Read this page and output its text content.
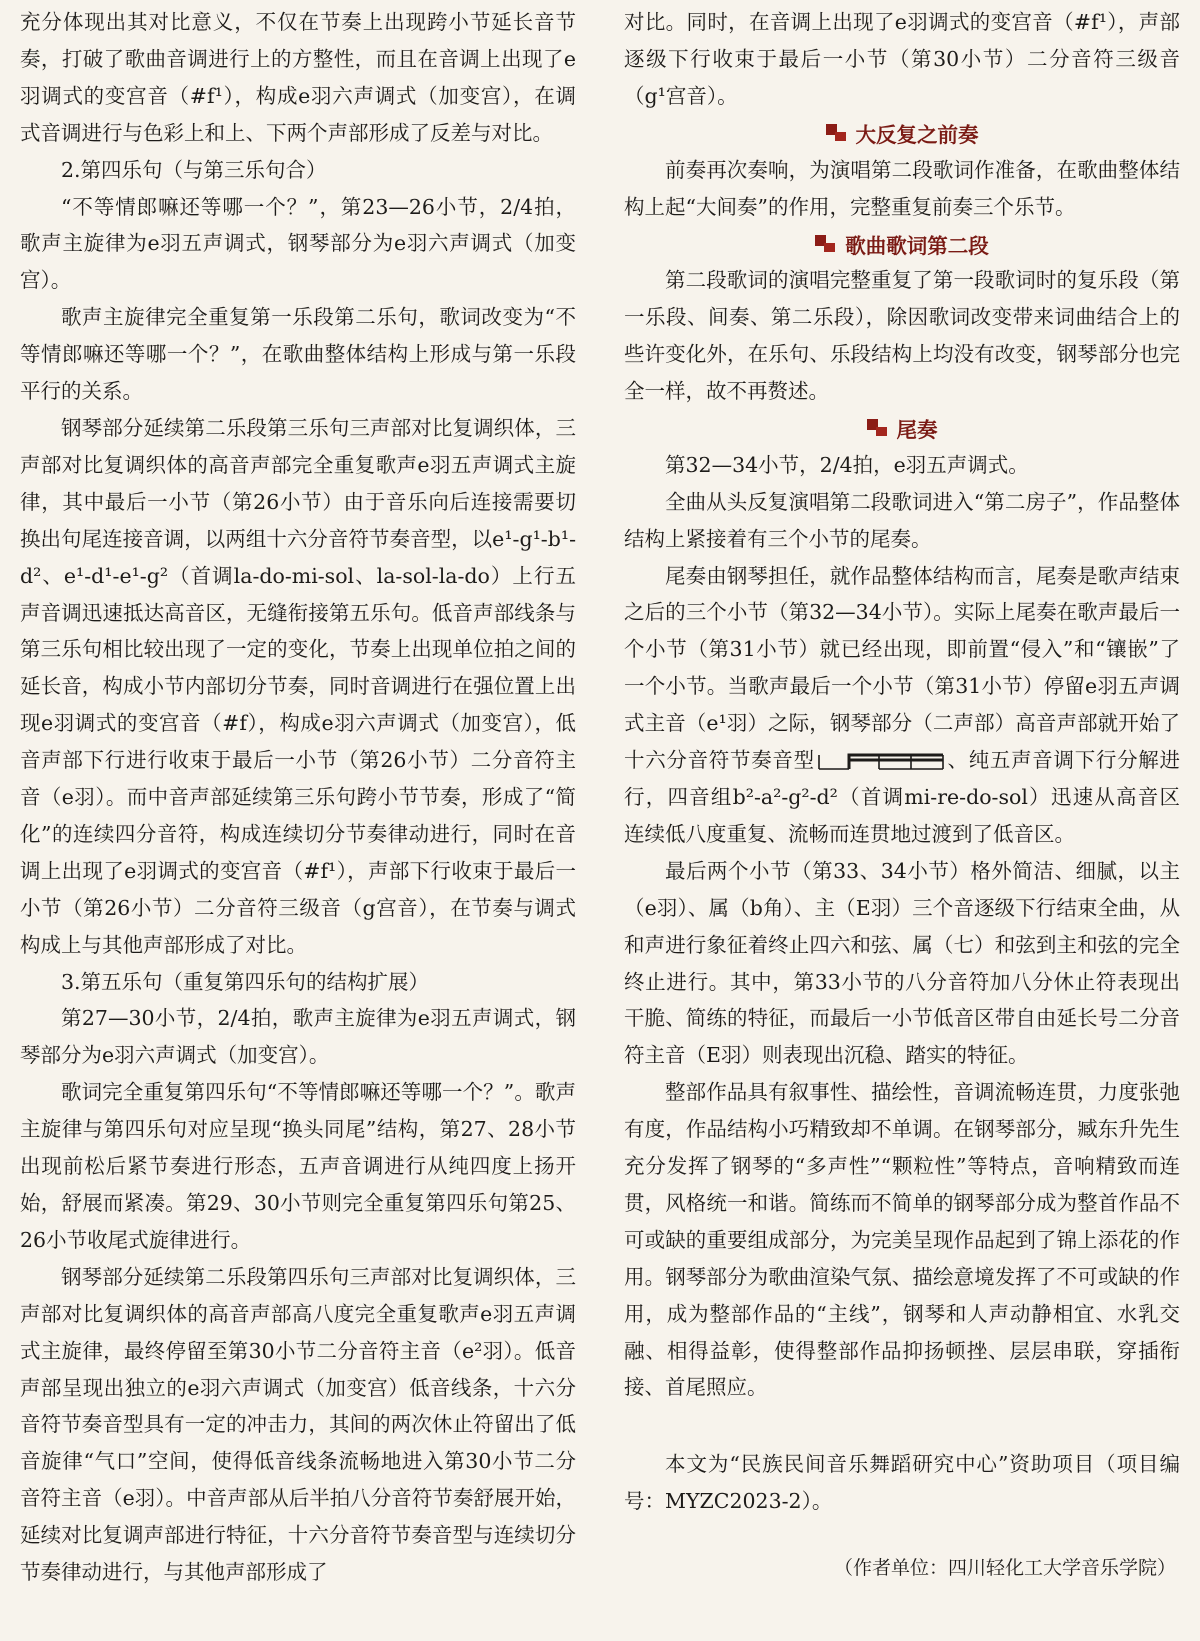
充分体现出其对比意义，不仅在节奏上出现跨小节延长音节奏，打破了歌曲音调进行上的方整性，而且在音调上出现了e羽调式的变宫音（#f¹），构成e羽六声调式（加变宫），在调式音调进行与色彩上和上、下两个声部形成了反差与对比。

2.第四乐句（与第三乐句合）

“不等情郎嘛还等哪一个？”，第23—26小节，2/4拍，歌声主旋律为e羽五声调式，钢琴部分为e羽六声调式（加变宫）。

歌声主旋律完全重复第一乐段第二乐句，歌词改变为“不等情郎嘛还等哪一个？”，在歌曲整体结构上形成与第一乐段平行的关系。

钢琴部分延续第二乐段第三乐句三声部对比复调织体，三声部对比复调织体的高音声部完全重复歌声e羽五声调式主旋律，其中最后一小节（第26小节）由于音乐向后连接需要切换出句尾连接音调，以两组十六分音符节奏音型，以e¹-g¹-b¹-d²、e¹-d¹-e¹-g²（首调la-do-mi-sol、la-sol-la-do）上行五声音调迅速抵达高音区，无缝衔接第五乐句。低音声部线条与第三乐句相比较出现了一定的变化，节奏上出现单位拍之间的延长音，构成小节内部切分节奏，同时音调进行在强位置上出现e羽调式的变宫音（#f），构成e羽六声调式（加变宫），低音声部下行进行收束于最后一小节（第26小节）二分音符主音（e羽）。而中音声部延续第三乐句跨小节节奏，形成了“简化”的连续四分音符，构成连续切分节奏律动进行，同时在音调上出现了e羽调式的变宫音（#f¹），声部下行收束于最后一小节（第26小节）二分音符三级音（g宫音），在节奏与调式构成上与其他声部形成了对比。

3.第五乐句（重复第四乐句的结构扩展）

第27—30小节，2/4拍，歌声主旋律为e羽五声调式，钢琴部分为e羽六声调式（加变宫）。

歌词完全重复第四乐句“不等情郎嘛还等哪一个？”。歌声主旋律与第四乐句对应呈现“换头同尾”结构，第27、28小节出现前松后紧节奏进行形态，五声音调进行从纯四度上扬开始，舒展而紧凑。第29、30小节则完全重复第四乐句第25、26小节收尾式旋律进行。

钢琴部分延续第二乐段第四乐句三声部对比复调织体，三声部对比复调织体的高音声部高八度完全重复歌声e羽五声调式主旋律，最终停留至第30小节二分音符主音（e²羽）。低音声部呈现出独立的e羽六声调式（加变宫）低音线条，十六分音符节奏音型具有一定的冲击力，其间的两次休止符留出了低音旋律“气口”空间，使得低音线条流畅地进入第30小节二分音符主音（e羽）。中音声部从后半拍八分音符节奏舒展开始，延续对比复调声部进行特征，十六分音符节奏音型与连续切分节奏律动进行，与其他声部形成了

对比。同时，在音调上出现了e羽调式的变宫音（#f¹），声部逐级下行收束于最后一小节（第30小节）二分音符三级音（g¹宫音）。

大反复之前奏

前奏再次奏响，为演唱第二段歌词作准备，在歌曲整体结构上起“大间奏”的作用，完整重复前奏三个乐节。

歌曲歌词第二段

第二段歌词的演唱完整重复了第一段歌词时的复乐段（第一乐段、间奏、第二乐段），除因歌词改变带来词曲结合上的些许变化外，在乐句、乐段结构上均没有改变，钢琴部分也完全一样，故不再赘述。

尾奏

第32—34小节，2/4拍，e羽五声调式。

全曲从头反复演唱第二段歌词进入“第二房子”，作品整体结构上紧接着有三个小节的尾奏。

尾奏由钢琴担任，就作品整体结构而言，尾奏是歌声结束之后的三个小节（第32—34小节）。实际上尾奏在歌声最后一个小节（第31小节）就已经出现，即前置“侵入”和“镶嵌”了一个小节。当歌声最后一个小节（第31小节）停留e羽五声调式主音（e¹羽）之际，钢琴部分（二声部）高音声部就开始了十六分音符节奏音型	、纯五声音调下行分解进行，四音组b²-a²-g²-d²（首调mi-re-do-sol）迅速从高音区连续低八度重复、流畅而连贯地过渡到了低音区。

最后两个小节（第33、34小节）格外简洁、细腻，以主（e羽）、属（b角）、主（E羽）三个音逐级下行结束全曲，从和声进行象征着终止四六和弦、属（七）和弦到主和弦的完全终止进行。其中，第33小节的八分音符加八分休止符表现出干脆、简练的特征，而最后一小节低音区带自由延长号二分音符主音（E羽）则表现出沉稳、踏实的特征。

整部作品具有叙事性、描绘性，音调流畅连贯，力度张弛有度，作品结构小巧精致却不单调。在钢琴部分，臧东升先生充分发挥了钢琴的“多声性”“颗粒性”等特点，音响精致而连贯，风格统一和谐。简练而不简单的钢琴部分成为整首作品不可或缺的重要组成部分，为完美呈现作品起到了锦上添花的作用。钢琴部分为歌曲渲染气氛、描绘意境发挥了不可或缺的作用，成为整部作品的“主线”，钢琴和人声动静相宜、水乳交融、相得益彰，使得整部作品抑扬顿挫、层层串联，穿插衔接、首尾照应。

本文为“民族民间音乐舞蹈研究中心”资助项目（项目编号：MYZC2023-2）。

（作者单位：四川轻化工大学音乐学院）
